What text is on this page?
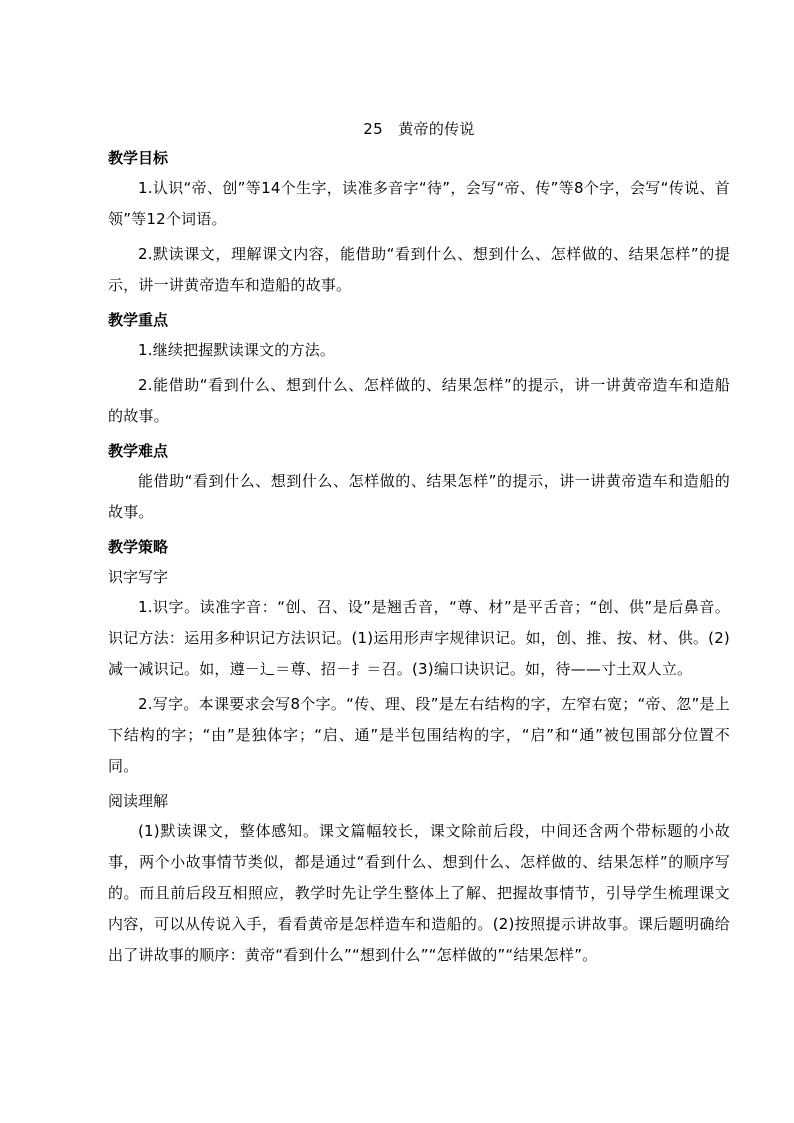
25　黄帝的传说
教学目标

1.认识“帝、创”等14个生字，读准多音字“待”，会写“帝、传”等8个字，会写“传说、首领”等12个词语。

2.默读课文，理解课文内容，能借助“看到什么、想到什么、怎样做的、结果怎样”的提示，讲一讲黄帝造车和造船的故事。

教学重点

1.继续把握默读课文的方法。

2.能借助“看到什么、想到什么、怎样做的、结果怎样”的提示，讲一讲黄帝造车和造船的故事。

教学难点

能借助“看到什么、想到什么、怎样做的、结果怎样”的提示，讲一讲黄帝造车和造船的故事。

教学策略
识字写字

1.识字。读准字音：“创、召、设”是翘舌音，“尊、材”是平舌音；“创、供”是后鼻音。识记方法：运用多种识记方法识记。(1)运用形声字规律识记。如，创、推、按、材、供。(2)减一减识记。如，遵－辶＝尊、招－扌＝召。(3)编口诀识记。如，待——寸土双人立。

2.写字。本课要求会写8个字。“传、理、段”是左右结构的字，左窄右宽；“帝、忽”是上下结构的字；“由”是独体字；“启、通”是半包围结构的字，“启”和“通”被包围部分位置不同。

阅读理解

(1)默读课文，整体感知。课文篇幅较长，课文除前后段，中间还含两个带标题的小故事，两个小故事情节类似，都是通过“看到什么、想到什么、怎样做的、结果怎样”的顺序写的。而且前后段互相照应，教学时先让学生整体上了解、把握故事情节，引导学生梳理课文内容，可以从传说入手，看看黄帝是怎样造车和造船的。(2)按照提示讲故事。课后题明确给出了讲故事的顺序：黄帝“看到什么”“想到什么”“怎样做的”“结果怎样”。
